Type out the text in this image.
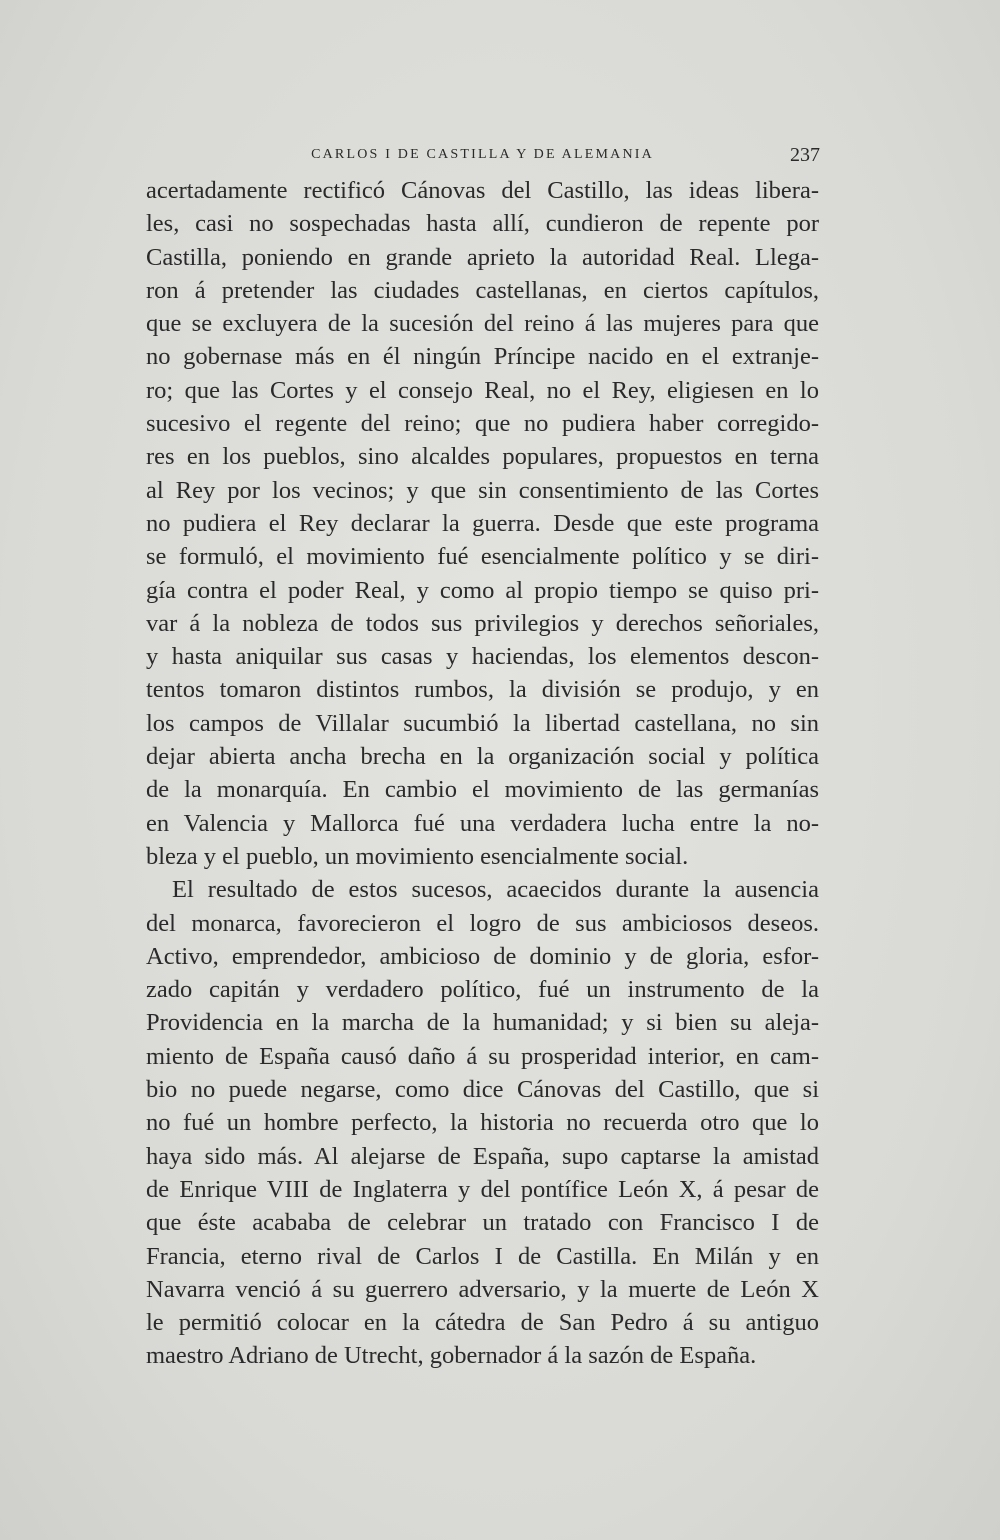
CARLOS I DE CASTILLA Y DE ALEMANIA	237
acertadamente rectificó Cánovas del Castillo, las ideas libera-
les, casi no sospechadas hasta allí, cundieron de repente por
Castilla, poniendo en grande aprieto la autoridad Real. Llega-
ron á pretender las ciudades castellanas, en ciertos capítulos,
que se excluyera de la sucesión del reino á las mujeres para que
no gobernase más en él ningún Príncipe nacido en el extranje-
ro; que las Cortes y el consejo Real, no el Rey, eligiesen en lo
sucesivo el regente del reino; que no pudiera haber corregido-
res en los pueblos, sino alcaldes populares, propuestos en terna
al Rey por los vecinos; y que sin consentimiento de las Cortes
no pudiera el Rey declarar la guerra. Desde que este programa
se formuló, el movimiento fué esencialmente político y se diri-
gía contra el poder Real, y como al propio tiempo se quiso pri-
var á la nobleza de todos sus privilegios y derechos señoriales,
y hasta aniquilar sus casas y haciendas, los elementos descon-
tentos tomaron distintos rumbos, la división se produjo, y en
los campos de Villalar sucumbió la libertad castellana, no sin
dejar abierta ancha brecha en la organización social y política
de la monarquía. En cambio el movimiento de las germanías
en Valencia y Mallorca fué una verdadera lucha entre la no-
bleza y el pueblo, un movimiento esencialmente social.
El resultado de estos sucesos, acaecidos durante la ausencia
del monarca, favorecieron el logro de sus ambiciosos deseos.
Activo, emprendedor, ambicioso de dominio y de gloria, esfor-
zado capitán y verdadero político, fué un instrumento de la
Providencia en la marcha de la humanidad; y si bien su aleja-
miento de España causó daño á su prosperidad interior, en cam-
bio no puede negarse, como dice Cánovas del Castillo, que si
no fué un hombre perfecto, la historia no recuerda otro que lo
haya sido más. Al alejarse de España, supo captarse la amistad
de Enrique VIII de Inglaterra y del pontífice León X, á pesar de
que éste acababa de celebrar un tratado con Francisco I de
Francia, eterno rival de Carlos I de Castilla. En Milán y en
Navarra venció á su guerrero adversario, y la muerte de León X
le permitió colocar en la cátedra de San Pedro á su antiguo
maestro Adriano de Utrecht, gobernador á la sazón de España.
